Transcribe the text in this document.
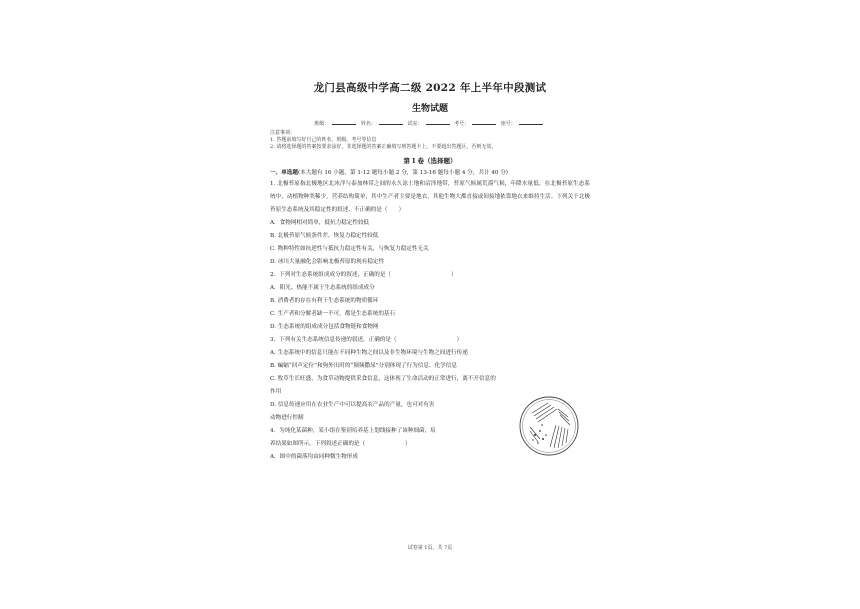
龙门县高级中学高二级 2022 年上半年中段测试
生物试题
班级：	姓名：	试室：	考号：	座号：
注意事项：
1. 答题前填写好自己的姓名、班级、考号等信息
2. 请将选择题的答案按要求涂好，非选择题的答案正确填写到答题卡上，不要超出答题区，否则无效。
第 I 卷（选择题）
一、单选题(本大题有 16 小题，第 1-12 题每小题 2 分，第 13-16 题每小题 4 分，共计 40 分)
1. 北极苔原指北极地区北冰洋与泰加林带之间的永久冻土地和沼泽地带，苔原气候属荒漠气候，年降水量低。在北极苔原生态系统中，动植物种类稀少，营养结构简单，其中生产者主要是地衣，其他生物大都直接或间接地依靠地衣来维持生活。下列关于北极苔原生态系统及其稳定性的叙述，不正确的是（　　）
A．食物网相对简单，抵抗力稳定性较低
B. 北极苔原气候条件差，恢复力稳定性较低
C. 物种特性如抗逆性与抵抗力稳定性有关，与恢复力稳定性无关
D. 冰川大量融化会影响北极苔原的现有稳定性
2．下列对生态系统组成成分的叙述，正确的是（	）
A．阳光、热能不属于生态系统的组成成分
B. 消费者的存在有利于生态系统的物质循环
C. 生产者和分解者缺一不可，都是生态系统的基石
D. 生态系统的组成成分包括食物链和食物网
3．下列有关生态系统信息传递的叙述，正确的是（	）
A. 生态系统中的信息只能在不同种生物之间以及非生物环境与生物之间进行传递
B. 蝙蝠“回声定位”和狗外出时的“频频撒尿”分别体现了行为信息、化学信息
C. 牧草生长旺盛，为食草动物提供采食信息，这体现了生命活动的正常进行，离不开信息的
作用
D. 信息传递应用在农业生产中可以提高农产品的产量，也可对有害
动物进行控制
4．为纯化某菌种，某小组在鉴别培养基上划线接种了该种细菌，培
养结果如图所示。下列叙述正确的是（	）
A．图中的菌落均由同种微生物形成
试卷第 1页，共 7页
